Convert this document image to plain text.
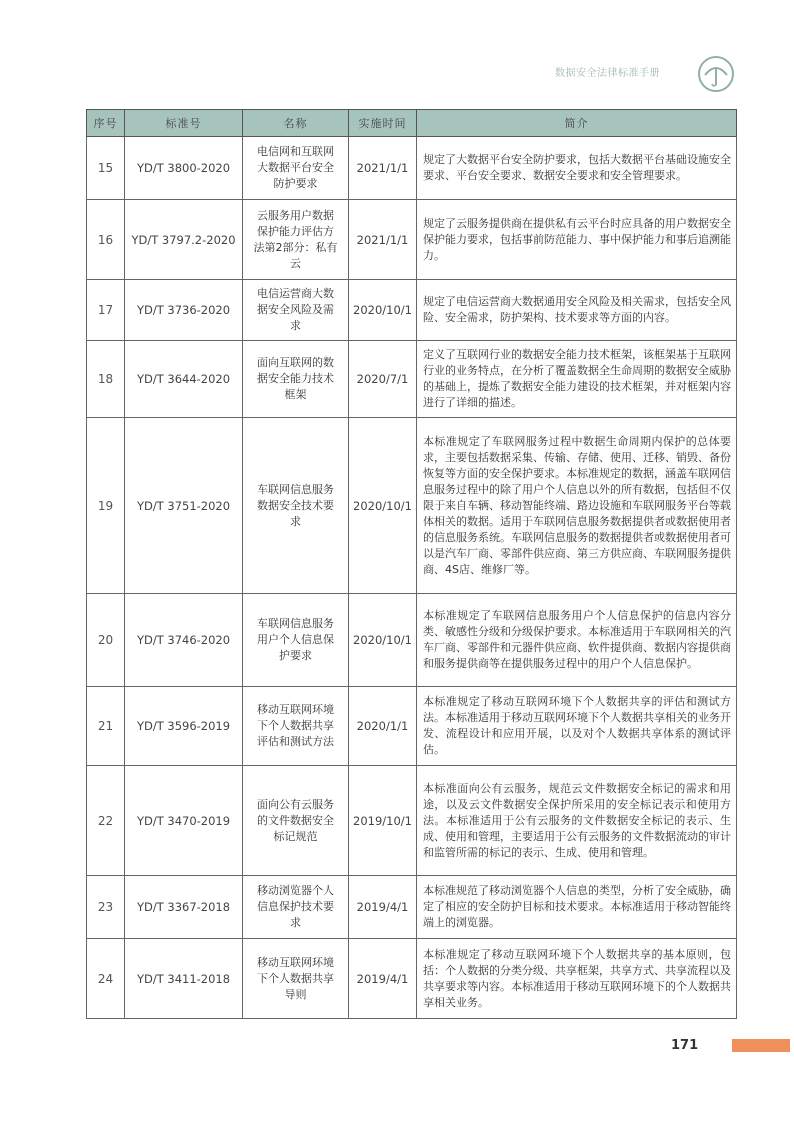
数据安全法律标准手册
序号	标准号	名称	实施时间	简介
15	YD/T 3800-2020	电信网和互联网大数据平台安全防护要求	2021/1/1	规定了大数据平台安全防护要求，包括大数据平台基础设施安全要求、平台安全要求、数据安全要求和安全管理要求。
16	YD/T 3797.2-2020	云服务用户数据保护能力评估方法第2部分：私有云	2021/1/1	规定了云服务提供商在提供私有云平台时应具备的用户数据安全保护能力要求，包括事前防范能力、事中保护能力和事后追溯能力。
17	YD/T 3736-2020	电信运营商大数据安全风险及需求	2020/10/1	规定了电信运营商大数据通用安全风险及相关需求，包括安全风险、安全需求，防护架构、技术要求等方面的内容。
18	YD/T 3644-2020	面向互联网的数据安全能力技术框架	2020/7/1	定义了互联网行业的数据安全能力技术框架，该框架基于互联网行业的业务特点，在分析了覆盖数据全生命周期的数据安全威胁的基础上，提炼了数据安全能力建设的技术框架，并对框架内容进行了详细的描述。
19	YD/T 3751-2020	车联网信息服务数据安全技术要求	2020/10/1	本标准规定了车联网服务过程中数据生命周期内保护的总体要求，主要包括数据采集、传输、存储、使用、迁移、销毁、备份恢复等方面的安全保护要求。本标准规定的数据，涵盖车联网信息服务过程中的除了用户个人信息以外的所有数据，包括但不仅限于来自车辆、移动智能终端、路边设施和车联网服务平台等载体相关的数据。适用于车联网信息服务数据提供者或数据使用者的信息服务系统。车联网信息服务的数据提供者或数据使用者可以是汽车厂商、零部件供应商、第三方供应商、车联网服务提供商、4S店、维修厂等。
20	YD/T 3746-2020	车联网信息服务用户个人信息保护要求	2020/10/1	本标准规定了车联网信息服务用户个人信息保护的信息内容分类、敏感性分级和分级保护要求。本标准适用于车联网相关的汽车厂商、零部件和元器件供应商、软件提供商、数据内容提供商和服务提供商等在提供服务过程中的用户个人信息保护。
21	YD/T 3596-2019	移动互联网环境下个人数据共享评估和测试方法	2020/1/1	本标准规定了移动互联网环境下个人数据共享的评估和测试方法。本标准适用于移动互联网环境下个人数据共享相关的业务开发、流程设计和应用开展，以及对个人数据共享体系的测试评估。
22	YD/T 3470-2019	面向公有云服务的文件数据安全标记规范	2019/10/1	本标准面向公有云服务，规范云文件数据安全标记的需求和用途，以及云文件数据安全保护所采用的安全标记表示和使用方法。本标准适用于公有云服务的文件数据安全标记的表示、生成、使用和管理，主要适用于公有云服务的文件数据流动的审计和监管所需的标记的表示、生成、使用和管理。
23	YD/T 3367-2018	移动浏览器个人信息保护技术要求	2019/4/1	本标准规范了移动浏览器个人信息的类型，分析了安全威胁，确定了相应的安全防护目标和技术要求。本标准适用于移动智能终端上的浏览器。
24	YD/T 3411-2018	移动互联网环境下个人数据共享导则	2019/4/1	本标准规定了移动互联网环境下个人数据共享的基本原则，包括：个人数据的分类分级、共享框架，共享方式、共享流程以及共享要求等内容。本标准适用于移动互联网环境下的个人数据共享相关业务。
171
